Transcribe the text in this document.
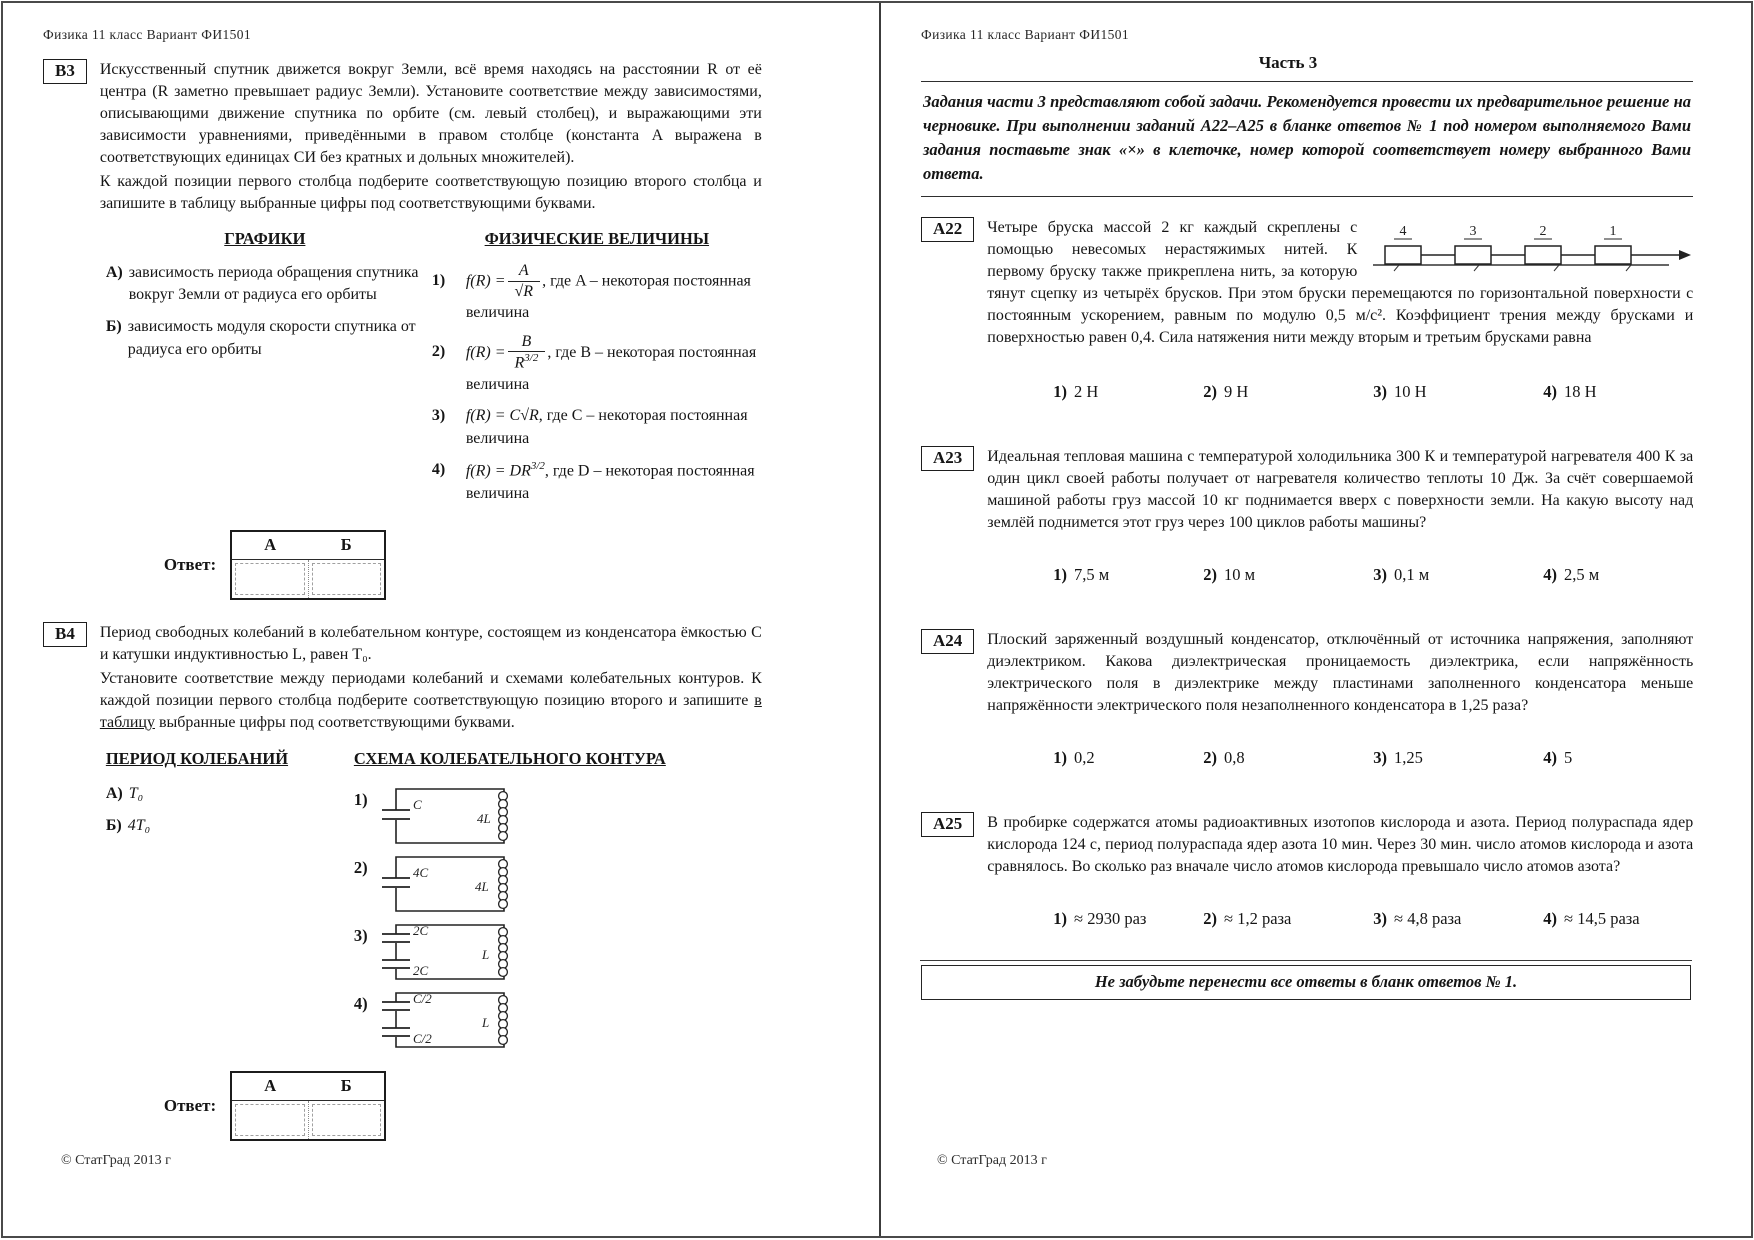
Физика 11 класс Вариант ФИ1501
В3	Искусственный спутник движется вокруг Земли, всё время находясь на расстоянии R от её центра (R заметно превышает радиус Земли). Установите соответствие между зависимостями, описывающими движение спутника по орбите (см. левый столбец), и выражающими эти зависимости уравнениями, приведёнными в правом столбце (константа A выражена в соответствующих единицах СИ без кратных и дольных множителей).

К каждой позиции первого столбца подберите соответствующую позицию второго столбца и запишите в таблицу выбранные цифры под соответствующими буквами.

ГРАФИКИ
А) зависимость периода обращения спутника вокруг Земли от радиуса его орбиты
Б) зависимость модуля скорости спутника от радиуса его орбиты
ФИЗИЧЕСКИЕ ВЕЛИЧИНЫ
1)	$f(R) = \frac{A}{√R}$ , где A – некоторая постоянная величина
2)	$f(R) = \frac{B}{R^{3/2}}$ , где B – некоторая постоянная величина
3)	f(R) = C√R, где C – некоторая постоянная величина
4)	$f(R) = DR^{3/2}$, где D – некоторая постоянная величина
Ответ:
А	Б
В4	Период свободных колебаний в колебательном контуре, состоящем из конденсатора ёмкостью C и катушки индуктивностью L, равен T₀.

Установите соответствие между периодами колебаний и схемами колебательных контуров. К каждой позиции первого столбца подберите соответствующую позицию второго и запишите в таблицу выбранные цифры под соответствующими буквами.

ПЕРИОД КОЛЕБАНИЙ
А) T₀
Б) 4T₀
СХЕМА КОЛЕБАТЕЛЬНОГО КОНТУРА
1)	C
4L
2)	4C
4L
3)	2C
2C
L
4)	C/2
C/2
L
Ответ:
А	Б
© СтатГрад 2013 г
Физика 11 класс Вариант ФИ1501
Часть 3
Задания части 3 представляют собой задачи. Рекомендуется провести их предварительное решение на черновике. При выполнении заданий А22–А25 в бланке ответов № 1 под номером выполняемого Вами задания поставьте знак «×» в клеточке, номер которой соответствует номеру выбранного Вами ответа.
А22	4	3	2	1

Четыре бруска массой 2 кг каждый скреплены с помощью невесомых нерастяжимых нитей. К первому бруску также прикреплена нить, за которую тянут сцепку из четырёх брусков. При этом бруски перемещаются по горизонтальной поверхности с постоянным ускорением, равным по модулю 0,5 м/с². Коэффициент трения между брусками и поверхностью равен 0,4. Сила натяжения нити между вторым и третьим брусками равна

1) 2 Н	2) 9 Н	3) 10 Н	4) 18 Н
А23	Идеальная тепловая машина с температурой холодильника 300 К и температурой нагревателя 400 К за один цикл своей работы получает от нагревателя количество теплоты 10 Дж. За счёт совершаемой машиной работы груз массой 10 кг поднимается вверх с поверхности земли. На какую высоту над землёй поднимется этот груз через 100 циклов работы машины?

1) 7,5 м	2) 10 м	3) 0,1 м	4) 2,5 м
А24	Плоский заряженный воздушный конденсатор, отключённый от источника напряжения, заполняют диэлектриком. Какова диэлектрическая проницаемость диэлектрика, если напряжённость электрического поля в диэлектрике между пластинами заполненного конденсатора меньше напряжённости электрического поля незаполненного конденсатора в 1,25 раза?

1) 0,2	2) 0,8	3) 1,25	4) 5
А25	В пробирке содержатся атомы радиоактивных изотопов кислорода и азота. Период полураспада ядер кислорода 124 с, период полураспада ядер азота 10 мин. Через 30 мин. число атомов кислорода и азота сравнялось. Во сколько раз вначале число атомов кислорода превышало число атомов азота?

1) ≈ 2930 раз	2) ≈ 1,2 раза	3) ≈ 4,8 раза	4) ≈ 14,5 раза
Не забудьте перенести все ответы в бланк ответов № 1.
© СтатГрад 2013 г
